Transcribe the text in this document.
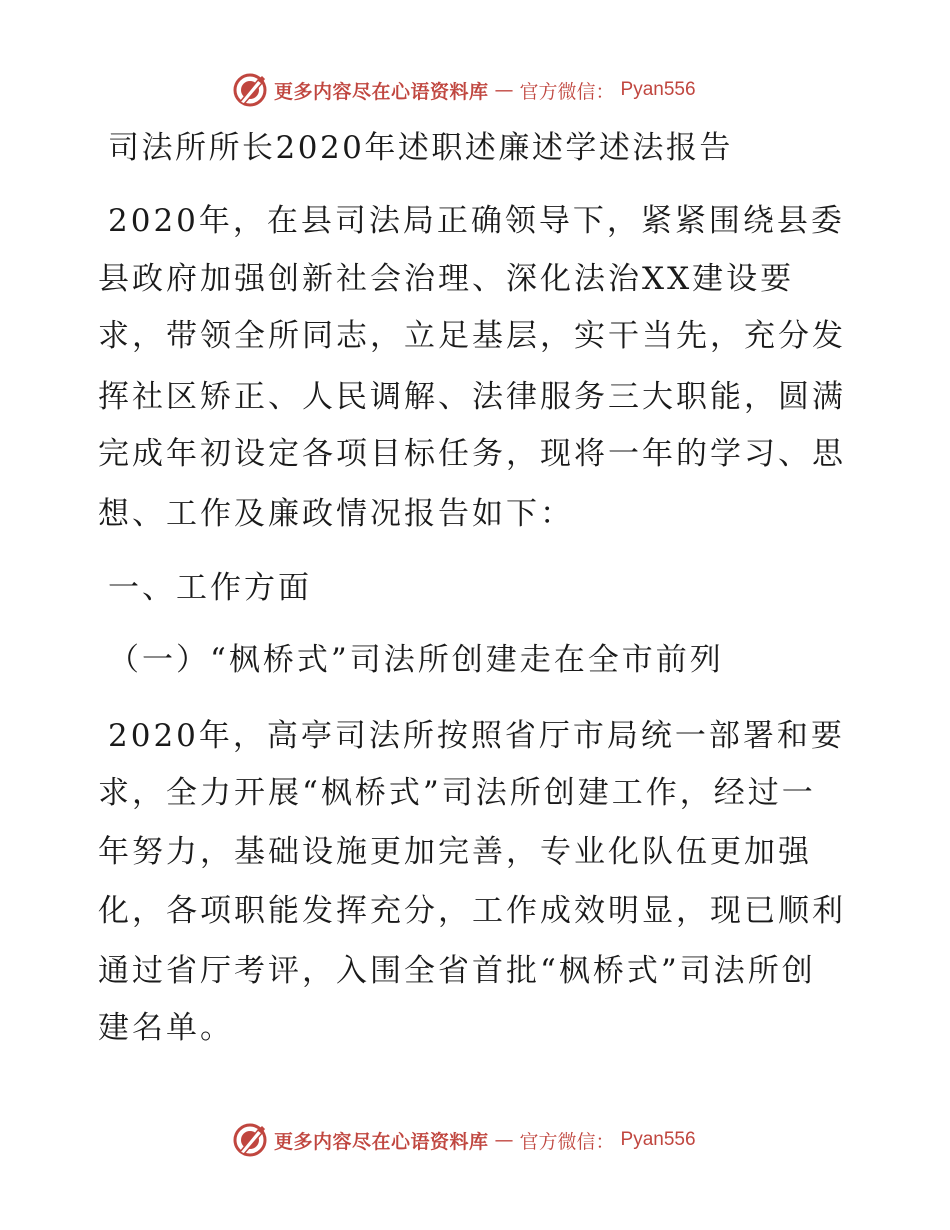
更多内容尽在心语资料库 — 官方微信： Pyan556
司法所所长2020年述职述廉述学述法报告
2020年，在县司法局正确领导下，紧紧围绕县委
县政府加强创新社会治理、深化法治XX建设要
求，带领全所同志，立足基层，实干当先，充分发
挥社区矫正、人民调解、法律服务三大职能，圆满
完成年初设定各项目标任务，现将一年的学习、思
想、工作及廉政情况报告如下：
一、工作方面
（一）“枫桥式”司法所创建走在全市前列
2020年，高亭司法所按照省厅市局统一部署和要
求，全力开展“枫桥式”司法所创建工作，经过一
年努力，基础设施更加完善，专业化队伍更加强
化，各项职能发挥充分，工作成效明显，现已顺利
通过省厅考评，入围全省首批“枫桥式”司法所创
建名单。
更多内容尽在心语资料库 — 官方微信： Pyan556
